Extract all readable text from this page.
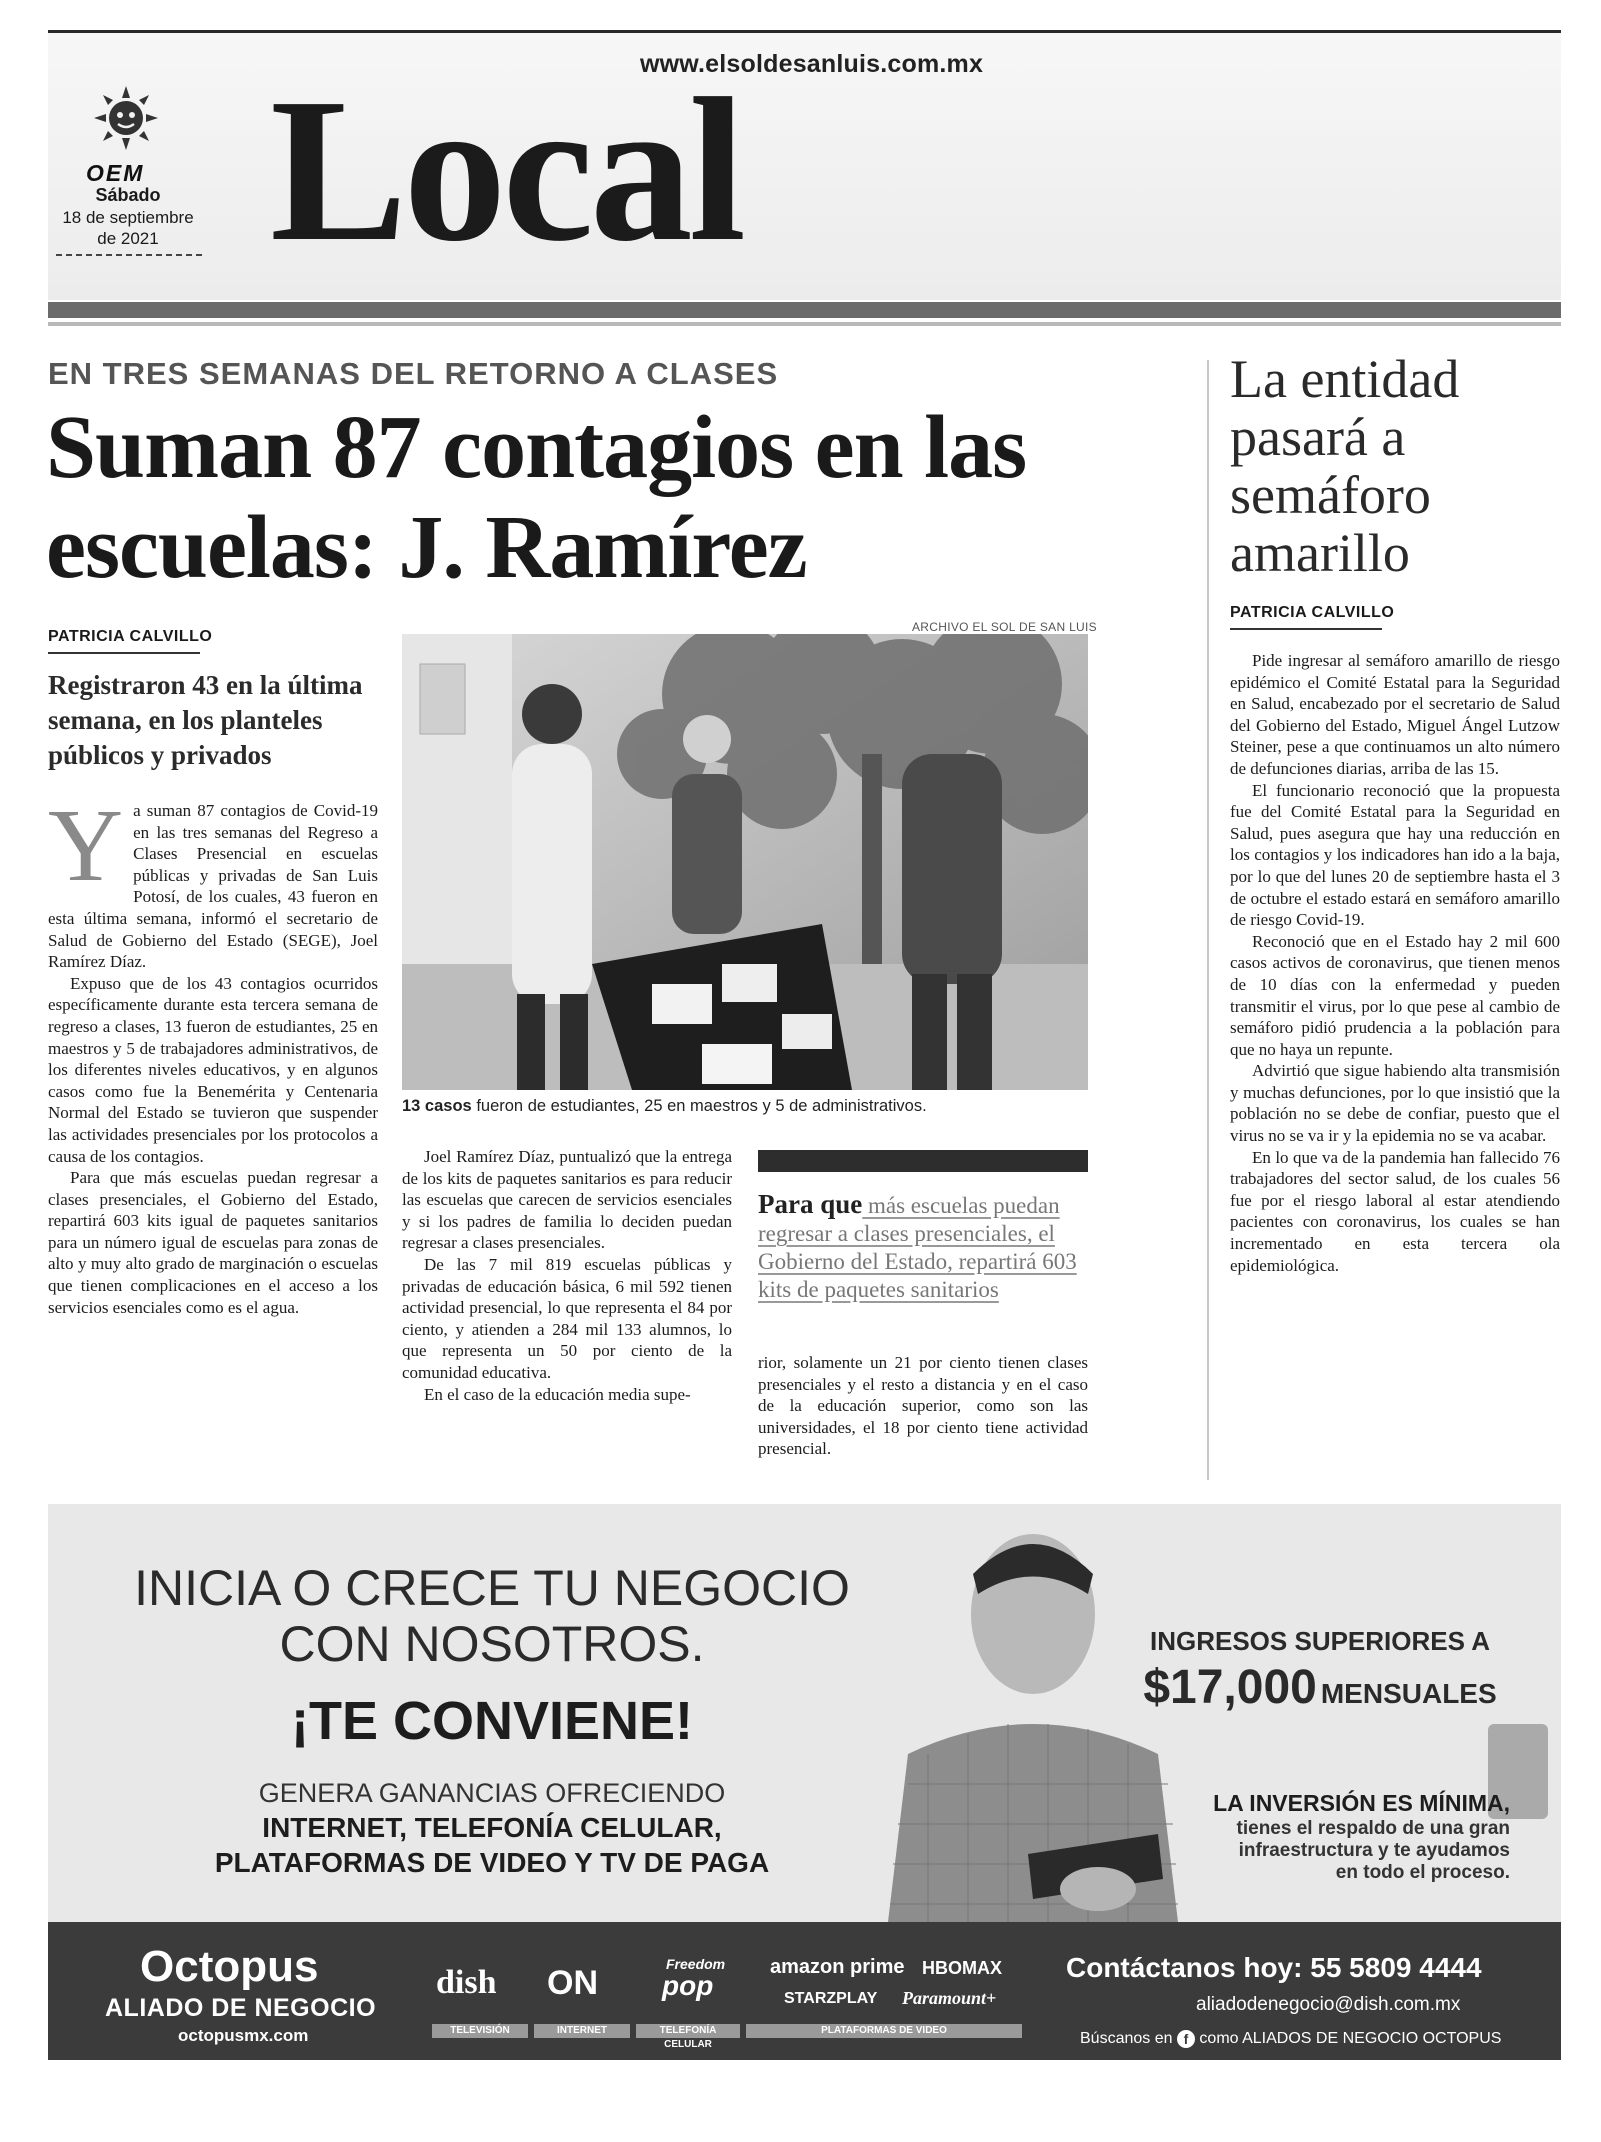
www.elsoldesanluis.com.mx
OEM
Sábado
18 de septiembre de 2021 Local
EN TRES SEMANAS DEL RETORNO A CLASES
Suman 87 contagios en las escuelas: J. Ramírez
PATRICIA CALVILLO
Registraron 43 en la última semana, en los planteles públicos y privados
Y a suman 87 contagios de Covid-19 en las tres semanas del Regreso a Clases Presencial en escuelas públicas y privadas de San Luis Potosí, de los cuales, 43 fueron en esta última semana, informó el secretario de Salud de Gobierno del Estado (SEGE), Joel Ramírez Díaz.

Expuso que de los 43 contagios ocurridos específicamente durante esta tercera semana de regreso a clases, 13 fueron de estudiantes, 25 en maestros y 5 de trabajadores administrativos, de los diferentes niveles educativos, y en algunos casos como fue la Benemérita y Centenaria Normal del Estado se tuvieron que suspender las actividades presenciales por los protocolos a causa de los contagios.

Para que más escuelas puedan regresar a clases presenciales, el Gobierno del Estado, repartirá 603 kits igual de paquetes sanitarios para un número igual de escuelas para zonas de alto y muy alto grado de marginación o escuelas que tienen complicaciones en el acceso a los servicios esenciales como es el agua.

ARCHIVO EL SOL DE SAN LUIS
13 casos fueron de estudiantes, 25 en maestros y 5 de administrativos.

Joel Ramírez Díaz, puntualizó que la entrega de los kits de paquetes sanitarios es para reducir las escuelas que carecen de servicios esenciales y si los padres de familia lo deciden puedan regresar a clases presenciales.

De las 7 mil 819 escuelas públicas y privadas de educación básica, 6 mil 592 tienen actividad presencial, lo que representa el 84 por ciento, y atienden a 284 mil 133 alumnos, lo que representa un 50 por ciento de la comunidad educativa.

En el caso de la educación media supe-

Para que más escuelas puedan regresar a clases presenciales, el Gobierno del Estado, repartirá 603 kits de paquetes sanitarios

rior, solamente un 21 por ciento tienen clases presenciales y el resto a distancia y en el caso de la educación superior, como son las universidades, el 18 por ciento tiene actividad presencial.

La entidad pasará a semáforo amarillo
PATRICIA CALVILLO

Pide ingresar al semáforo amarillo de riesgo epidémico el Comité Estatal para la Seguridad en Salud, encabezado por el secretario de Salud del Gobierno del Estado, Miguel Ángel Lutzow Steiner, pese a que continuamos un alto número de defunciones diarias, arriba de las 15.

El funcionario reconoció que la propuesta fue del Comité Estatal para la Seguridad en Salud, pues asegura que hay una reducción en los contagios y los indicadores han ido a la baja, por lo que del lunes 20 de septiembre hasta el 3 de octubre el estado estará en semáforo amarillo de riesgo Covid-19.

Reconoció que en el Estado hay 2 mil 600 casos activos de coronavirus, que tienen menos de 10 días con la enfermedad y pueden transmitir el virus, por lo que pese al cambio de semáforo pidió prudencia a la población para que no haya un repunte.

Advirtió que sigue habiendo alta transmisión y muchas defunciones, por lo que insistió que la población no se debe de confiar, puesto que el virus no se va ir y la epidemia no se va acabar.

En lo que va de la pandemia han fallecido 76 trabajadores del sector salud, de los cuales 56 fue por el riesgo laboral al estar atendiendo pacientes con coronavirus, los cuales se han incrementado en esta tercera ola epidemiológica.

INICIA O CRECE TU NEGOCIO
CON NOSOTROS.
¡TE CONVIENE!
GENERA GANANCIAS OFRECIENDO
INTERNET, TELEFONÍA CELULAR,
PLATAFORMAS DE VIDEO Y TV DE PAGA
INGRESOS SUPERIORES A
$17,000 MENSUALES
LA INVERSIÓN ES MÍNIMA,
tienes el respaldo de una gran
infraestructura y te ayudamos
en todo el proceso.
Octopus
ALIADO DE NEGOCIO
octopusmx.com
dish ON	Freedom
pop
amazon prime HBOMAX
STARZPLAY Paramount+
TELEVISIÓN	INTERNET	TELEFONÍA CELULAR
PLATAFORMAS DE VIDEO
Contáctanos hoy: 55 5809 4444
aliadodenegocio@dish.com.mx
Búscanos en f como ALIADOS DE NEGOCIO OCTOPUS
